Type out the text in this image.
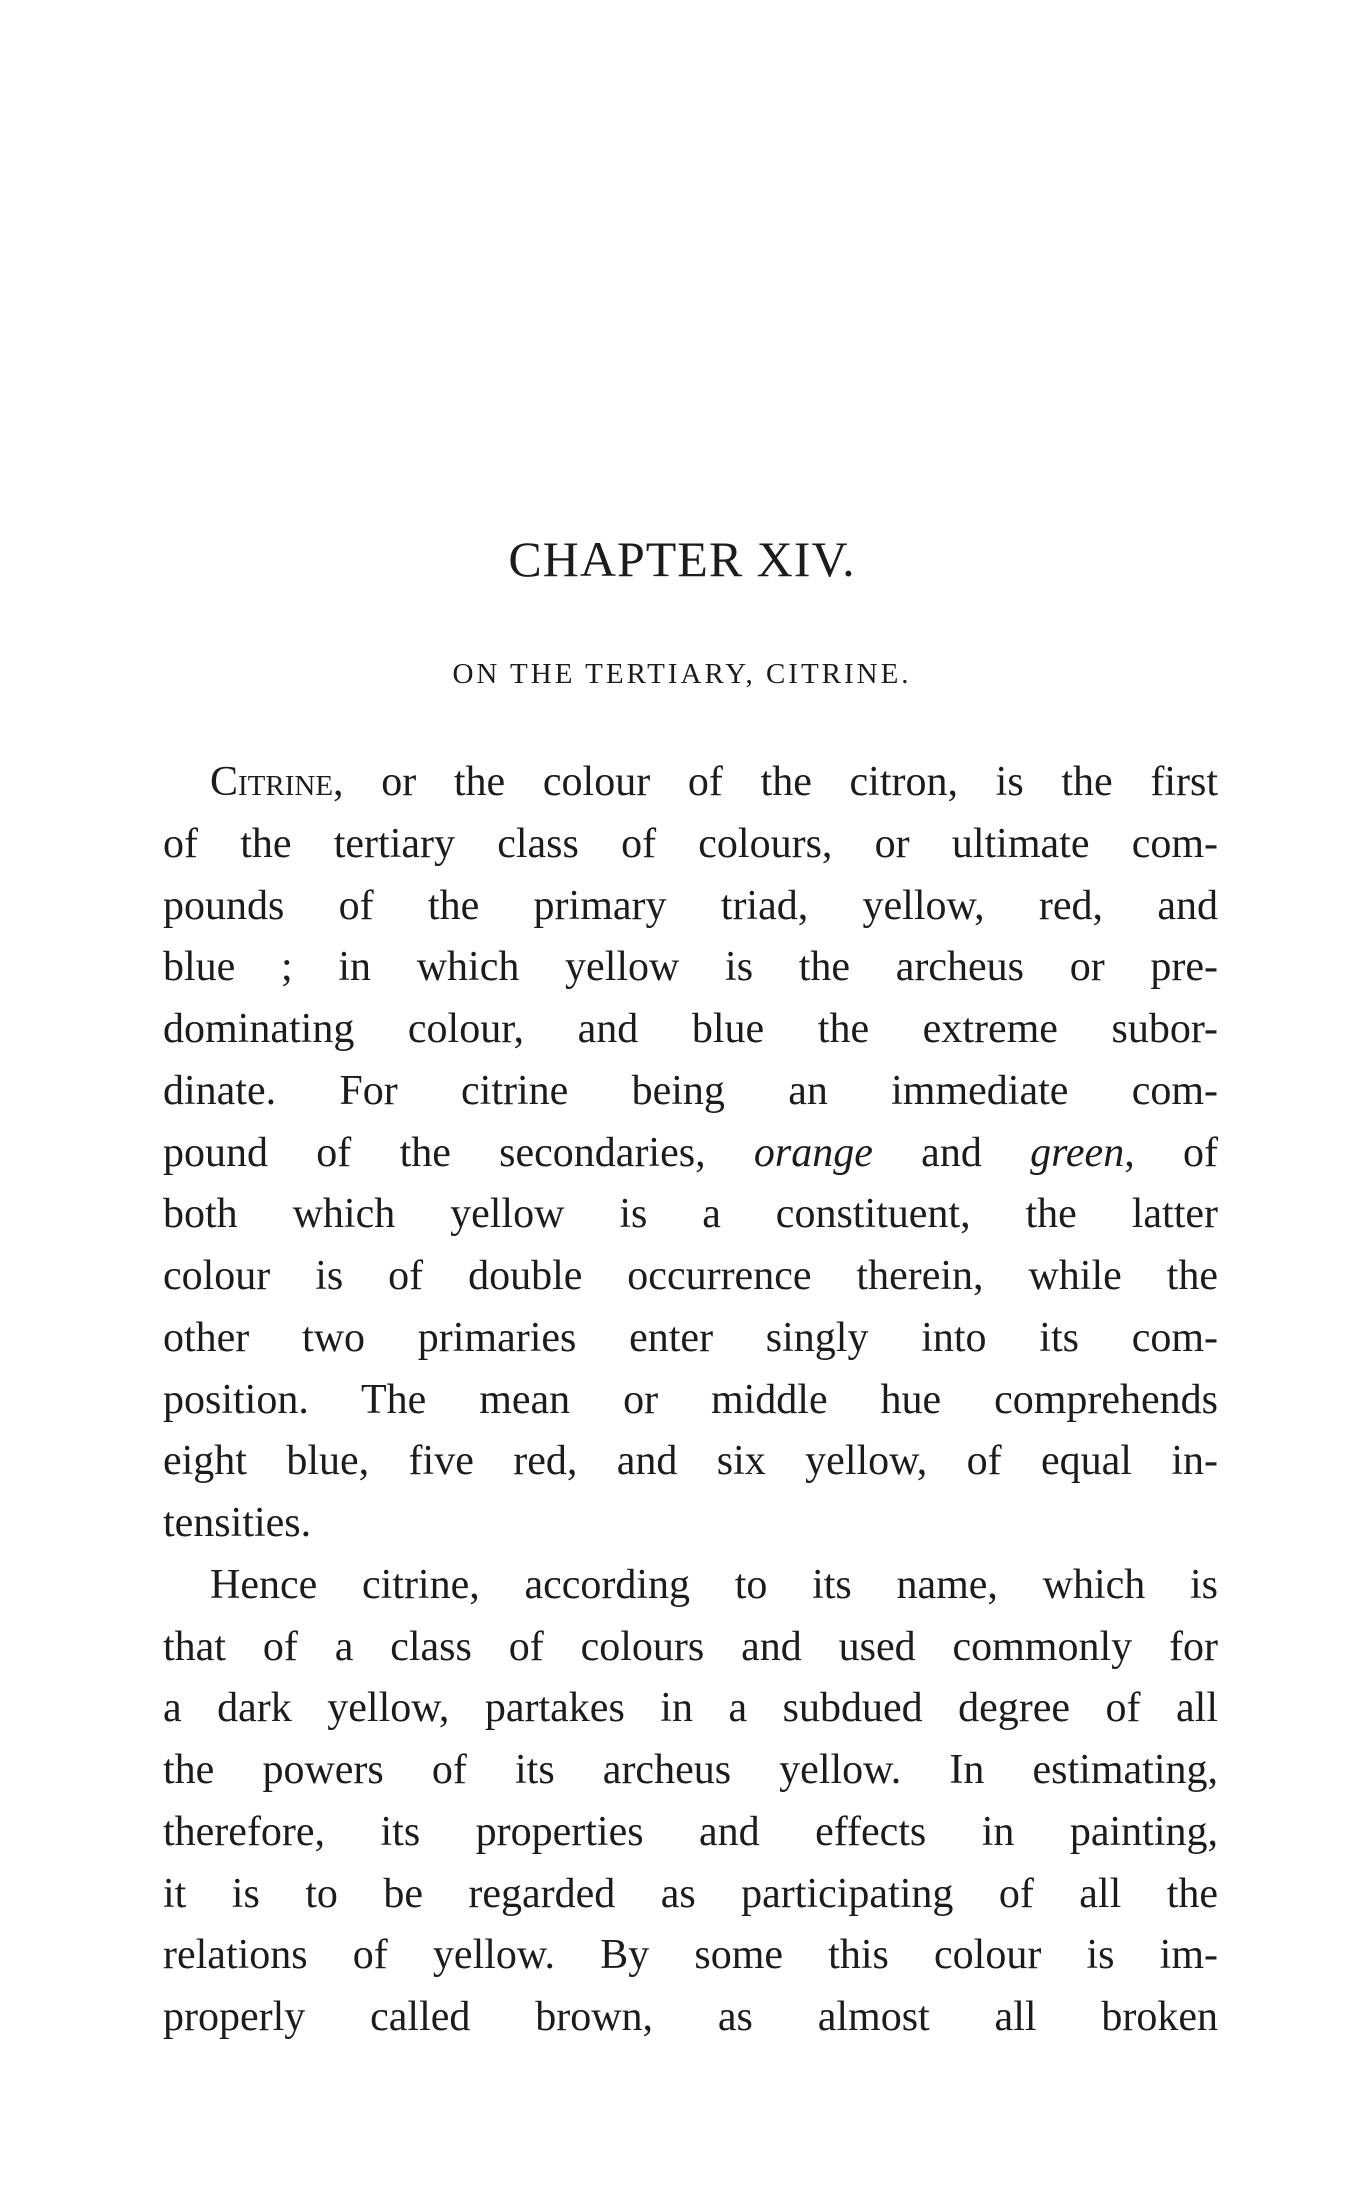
CHAPTER XIV.
ON THE TERTIARY, CITRINE.
Citrine, or the colour of the citron, is the first
of the tertiary class of colours, or ultimate com-
pounds of the primary triad, yellow, red, and
blue ; in which yellow is the archeus or pre-
dominating colour, and blue the extreme subor-
dinate. For citrine being an immediate com-
pound of the secondaries, orange and green, of
both which yellow is a constituent, the latter
colour is of double occurrence therein, while the
other two primaries enter singly into its com-
position. The mean or middle hue comprehends
eight blue, five red, and six yellow, of equal in-
tensities.
Hence citrine, according to its name, which is
that of a class of colours and used commonly for
a dark yellow, partakes in a subdued degree of all
the powers of its archeus yellow. In estimating,
therefore, its properties and effects in painting,
it is to be regarded as participating of all the
relations of yellow. By some this colour is im-
properly called brown, as almost all broken
